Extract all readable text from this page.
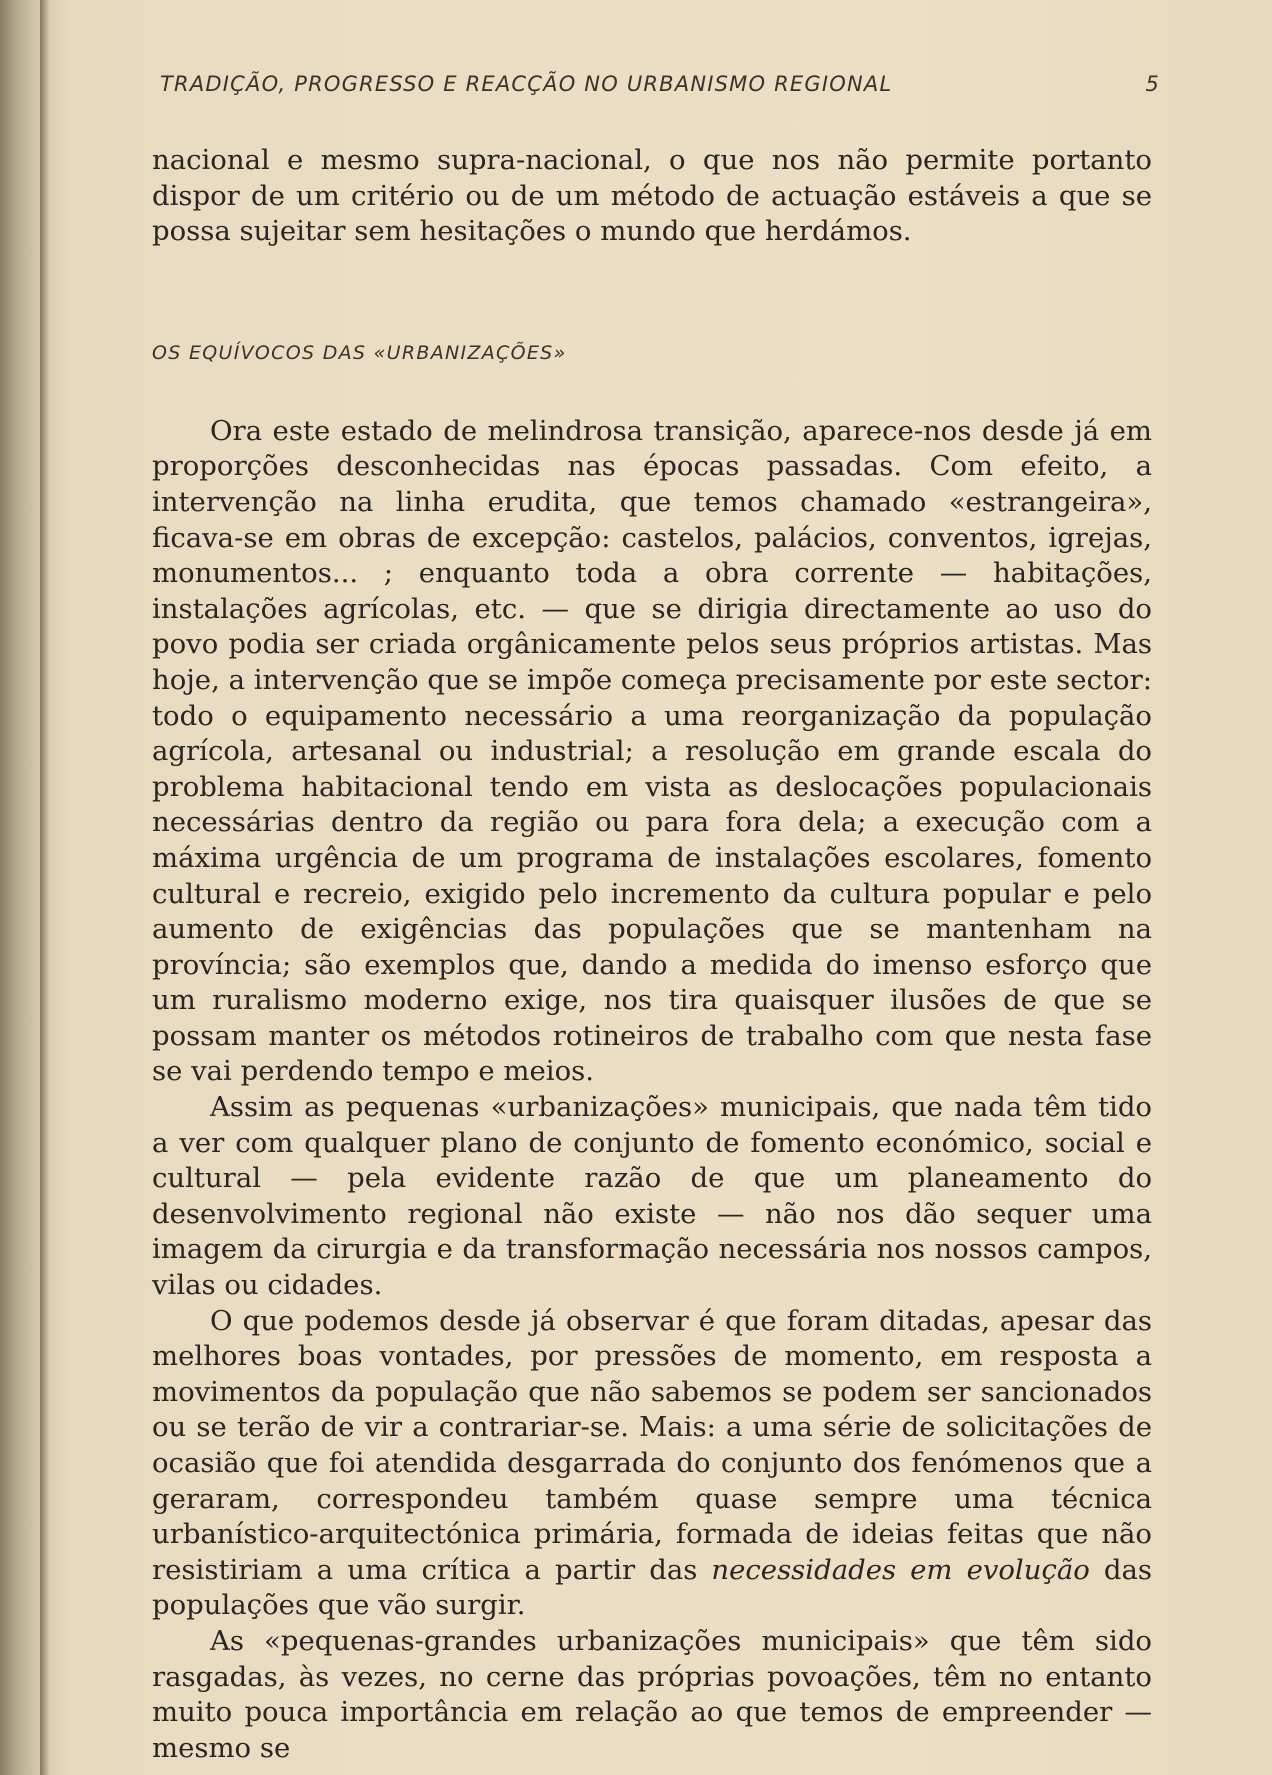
TRADIÇÃO, PROGRESSO E REACÇÃO NO URBANISMO REGIONAL	5

nacional e mesmo supra-nacional, o que nos não permite portanto dispor de um critério ou de um método de actuação estáveis a que se possa sujeitar sem hesitações o mundo que herdámos.

OS EQUÍVOCOS DAS «URBANIZAÇÕES»

Ora este estado de melindrosa transição, aparece-nos desde já em proporções desconhecidas nas épocas passadas. Com efeito, a intervenção na linha erudita, que temos chamado «estrangeira», ficava-se em obras de excepção: castelos, palácios, conventos, igrejas, monumentos... ; enquanto toda a obra corrente — habitações, instalações agrícolas, etc. — que se dirigia directamente ao uso do povo podia ser criada orgânicamente pelos seus próprios artistas. Mas hoje, a intervenção que se impõe começa precisamente por este sector: todo o equipamento necessário a uma reorganização da população agrícola, artesanal ou industrial; a resolução em grande escala do problema habitacional tendo em vista as deslocações populacionais necessárias dentro da região ou para fora dela; a execução com a máxima urgência de um programa de instalações escolares, fomento cultural e recreio, exigido pelo incremento da cultura popular e pelo aumento de exigências das populações que se mantenham na província; são exemplos que, dando a medida do imenso esforço que um ruralismo moderno exige, nos tira quaisquer ilusões de que se possam manter os métodos rotineiros de trabalho com que nesta fase se vai perdendo tempo e meios.

Assim as pequenas «urbanizações» municipais, que nada têm tido a ver com qualquer plano de conjunto de fomento económico, social e cultural — pela evidente razão de que um planeamento do desenvolvimento regional não existe — não nos dão sequer uma imagem da cirurgia e da transformação necessária nos nossos campos, vilas ou cidades.

O que podemos desde já observar é que foram ditadas, apesar das melhores boas vontades, por pressões de momento, em resposta a movimentos da população que não sabemos se podem ser sancionados ou se terão de vir a contrariar-se. Mais: a uma série de solicitações de ocasião que foi atendida desgarrada do conjunto dos fenómenos que a geraram, correspondeu também quase sempre uma técnica urbanístico-arquitectónica primária, formada de ideias feitas que não resistiriam a uma crítica a partir das necessidades em evolução das populações que vão surgir.

As «pequenas-grandes urbanizações municipais» que têm sido rasgadas, às vezes, no cerne das próprias povoações, têm no entanto muito pouca importância em relação ao que temos de empreender — mesmo se
